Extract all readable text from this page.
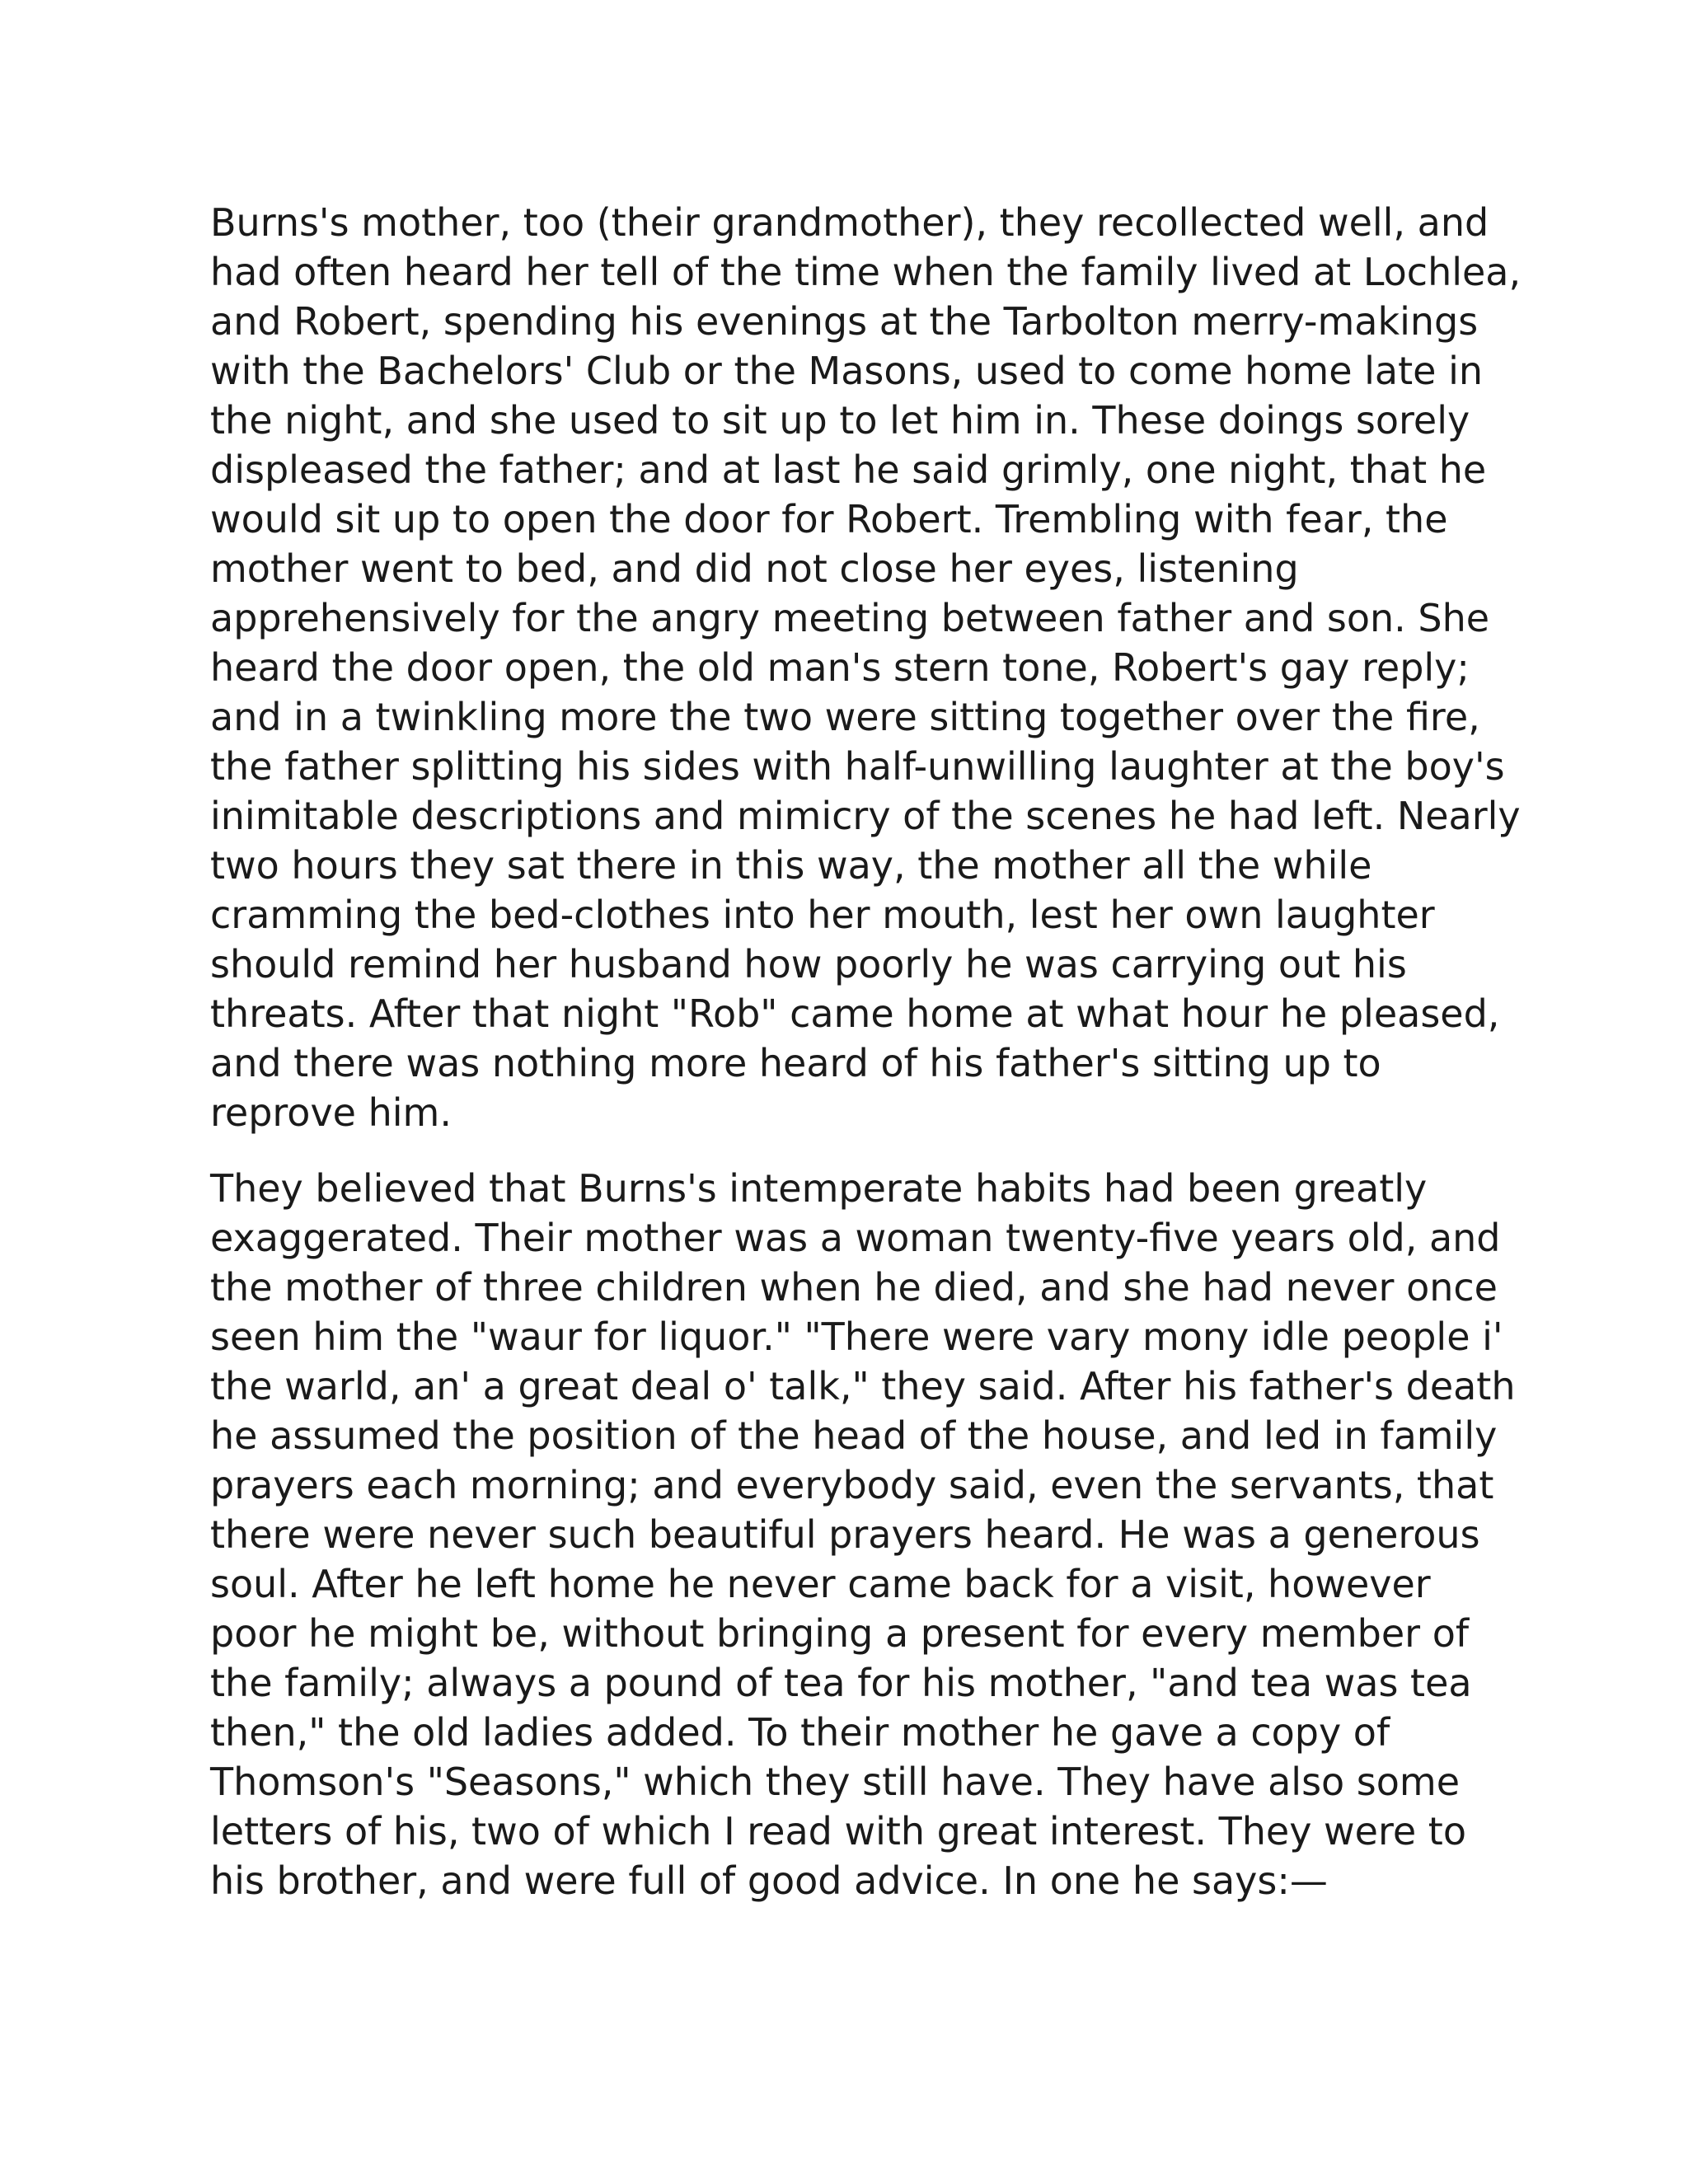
Burns's mother, too (their grandmother), they recollected well, and
had often heard her tell of the time when the family lived at Lochlea,
and Robert, spending his evenings at the Tarbolton merry-makings
with the Bachelors' Club or the Masons, used to come home late in
the night, and she used to sit up to let him in. These doings sorely
displeased the father; and at last he said grimly, one night, that he
would sit up to open the door for Robert. Trembling with fear, the
mother went to bed, and did not close her eyes, listening
apprehensively for the angry meeting between father and son. She
heard the door open, the old man's stern tone, Robert's gay reply;
and in a twinkling more the two were sitting together over the fire,
the father splitting his sides with half-unwilling laughter at the boy's
inimitable descriptions and mimicry of the scenes he had left. Nearly
two hours they sat there in this way, the mother all the while
cramming the bed-clothes into her mouth, lest her own laughter
should remind her husband how poorly he was carrying out his
threats. After that night "Rob" came home at what hour he pleased,
and there was nothing more heard of his father's sitting up to
reprove him.

They believed that Burns's intemperate habits had been greatly
exaggerated. Their mother was a woman twenty-five years old, and
the mother of three children when he died, and she had never once
seen him the "waur for liquor." "There were vary mony idle people i'
the warld, an' a great deal o' talk," they said. After his father's death
he assumed the position of the head of the house, and led in family
prayers each morning; and everybody said, even the servants, that
there were never such beautiful prayers heard. He was a generous
soul. After he left home he never came back for a visit, however
poor he might be, without bringing a present for every member of
the family; always a pound of tea for his mother, "and tea was tea
then," the old ladies added. To their mother he gave a copy of
Thomson's "Seasons," which they still have. They have also some
letters of his, two of which I read with great interest. They were to
his brother, and were full of good advice. In one he says:—
